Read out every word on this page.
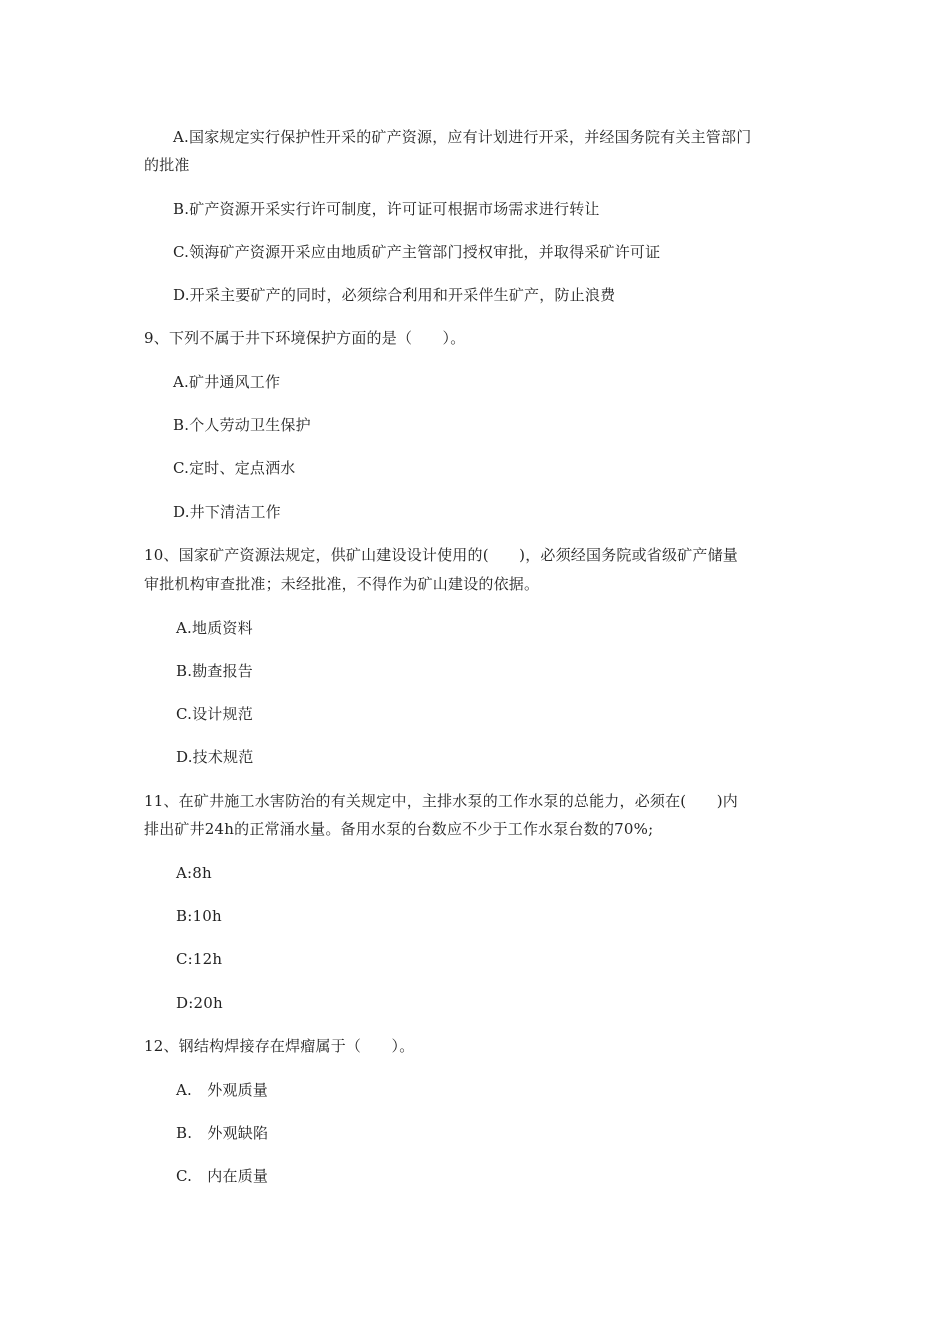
A.国家规定实行保护性开采的矿产资源，应有计划进行开采，并经国务院有关主管部门
的批准
B.矿产资源开采实行许可制度，许可证可根据市场需求进行转让
C.领海矿产资源开采应由地质矿产主管部门授权审批，并取得采矿许可证
D.开采主要矿产的同时，必须综合利用和开采伴生矿产，防止浪费
9、下列不属于井下环境保护方面的是（　　）。
A.矿井通风工作
B.个人劳动卫生保护
C.定时、定点洒水
D.井下清洁工作
10、国家矿产资源法规定，供矿山建设设计使用的(　　)，必须经国务院或省级矿产储量
审批机构审查批准；未经批准，不得作为矿山建设的依据。
A.地质资料
B.勘查报告
C.设计规范
D.技术规范
11、在矿井施工水害防治的有关规定中，主排水泵的工作水泵的总能力，必须在(　　)内
排出矿井24h的正常涌水量。备用水泵的台数应不少于工作水泵台数的70%;
A:8h
B:10h
C:12h
D:20h
12、钢结构焊接存在焊瘤属于（　　）。
A.　外观质量
B.　外观缺陷
C.　内在质量
